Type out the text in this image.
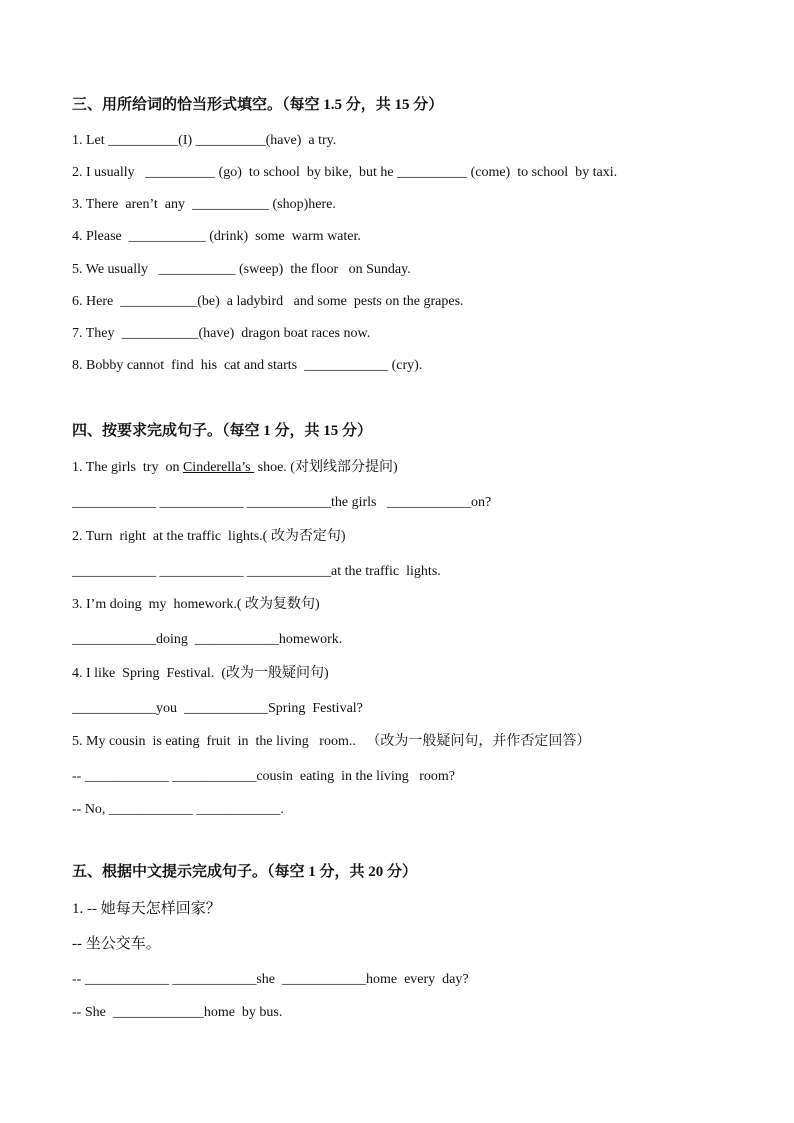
三、用所给词的恰当形式填空。（每空 1.5 分，共 15 分）
1. Let __________(I) __________(have)  a try.
2. I usually   __________ (go)  to school  by bike,  but he __________ (come)  to school  by taxi.
3. There  aren’t  any  ___________ (shop)here.
4. Please  ___________ (drink)  some  warm water.
5. We usually   ___________ (sweep)  the floor   on Sunday.
6. Here  ___________(be)  a ladybird   and some  pests on the grapes.
7. They  ___________(have)  dragon boat races now.
8. Bobby cannot  find  his  cat and starts  ____________ (cry).
四、按要求完成句子。（每空 1 分，共 15 分）
1. The girls  try  on Cinderella’s  shoe. (对划线部分提问)
____________ ____________ ____________the girls   ____________on?
2. Turn  right  at the traffic  lights.( 改为否定句)
____________ ____________ ____________at the traffic  lights.
3. I’m doing  my  homework.( 改为复数句)
____________doing  ____________homework.
4. I like  Spring  Festival.  (改为一般疑问句)
____________you  ____________Spring  Festival?
5. My cousin  is eating  fruit  in  the living   room..   （改为一般疑问句，并作否定回答）
-- ____________ ____________cousin  eating  in the living   room?
-- No, ____________ ____________.
五、根据中文提示完成句子。（每空 1 分，共 20 分）
1. -- 她每天怎样回家？
-- 坐公交车。
-- ____________ ____________she  ____________home  every  day?
-- She  _____________home  by bus.
